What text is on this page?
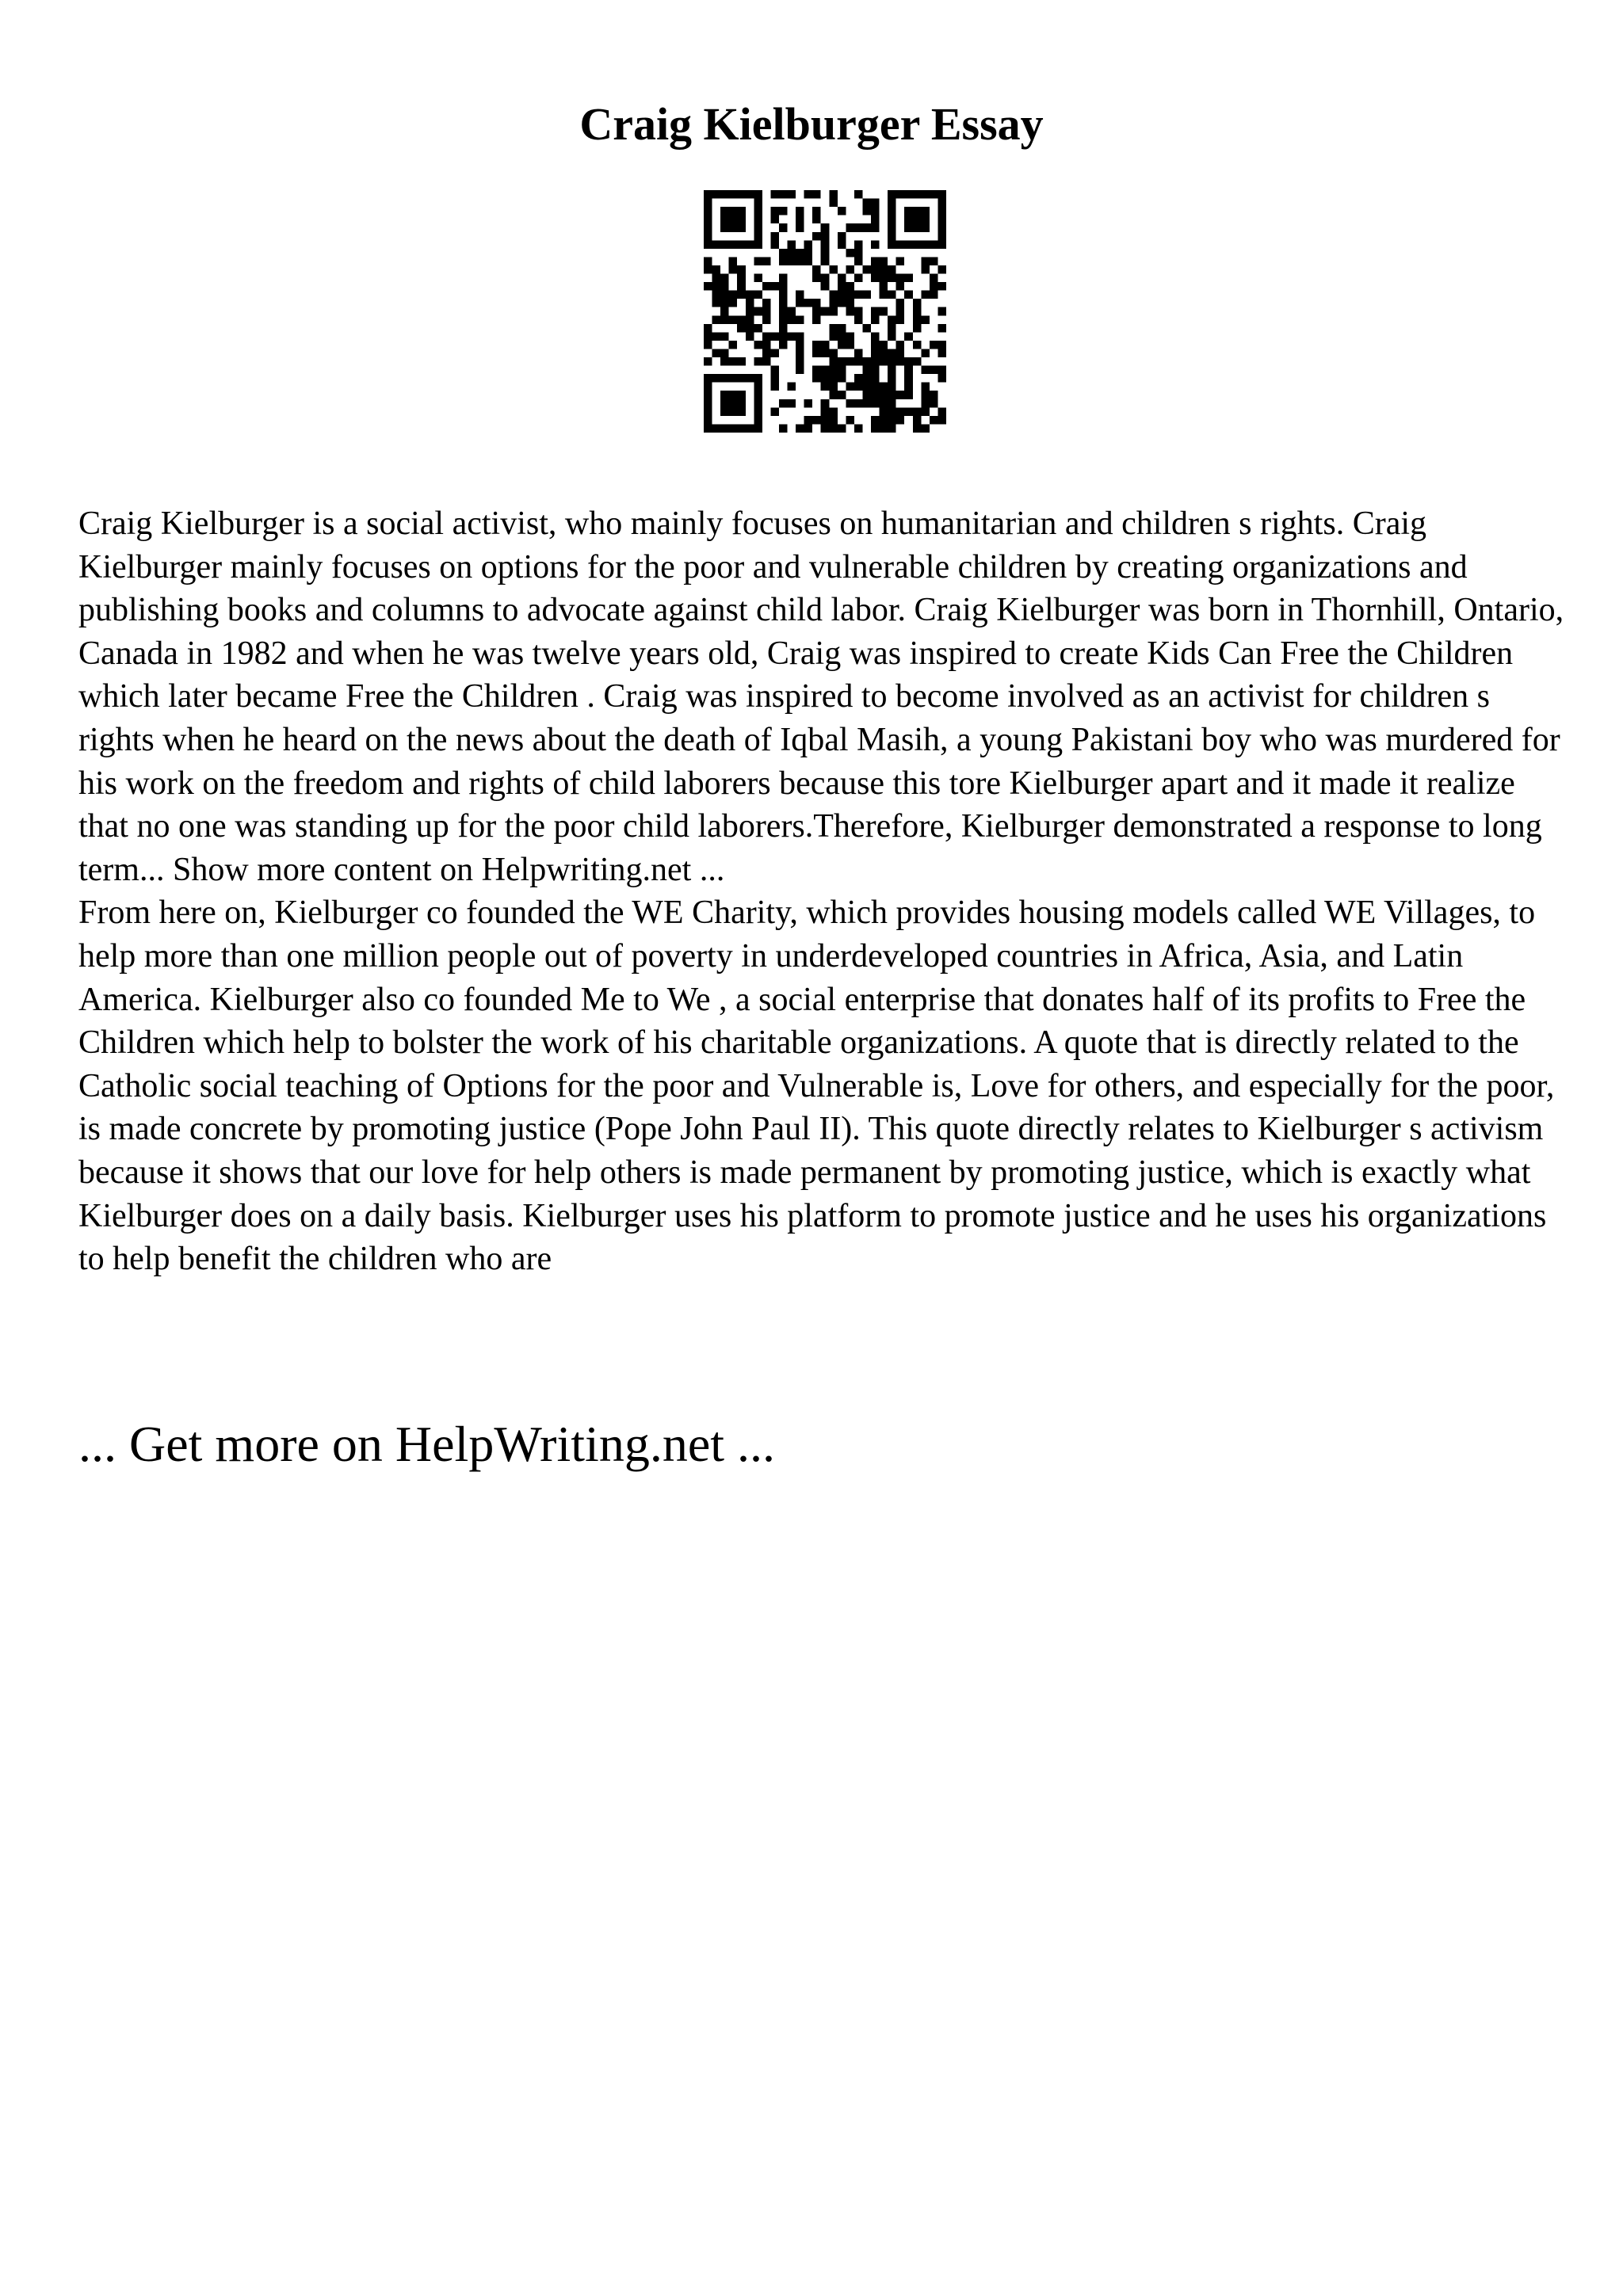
Craig Kielburger Essay

Craig Kielburger is a social activist, who mainly focuses on humanitarian and children s rights. Craig Kielburger mainly focuses on options for the poor and vulnerable children by creating organizations and publishing books and columns to advocate against child labor. Craig Kielburger was born in Thornhill, Ontario, Canada in 1982 and when he was twelve years old, Craig was inspired to create Kids Can Free the Children which later became Free the Children . Craig was inspired to become involved as an activist for children s rights when he heard on the news about the death of Iqbal Masih, a young Pakistani boy who was murdered for his work on the freedom and rights of child laborers because this tore Kielburger apart and it made it realize that no one was standing up for the poor child laborers.Therefore, Kielburger demonstrated a response to long term... Show more content on Helpwriting.net ...

From here on, Kielburger co founded the WE Charity, which provides housing models called WE Villages, to help more than one million people out of poverty in underdeveloped countries in Africa, Asia, and Latin America. Kielburger also co founded Me to We , a social enterprise that donates half of its profits to Free the Children which help to bolster the work of his charitable organizations. A quote that is directly related to the Catholic social teaching of Options for the poor and Vulnerable is, Love for others, and especially for the poor, is made concrete by promoting justice (Pope John Paul II). This quote directly relates to Kielburger s activism because it shows that our love for help others is made permanent by promoting justice, which is exactly what Kielburger does on a daily basis. Kielburger uses his platform to promote justice and he uses his organizations to help benefit the children who are

... Get more on HelpWriting.net ...
